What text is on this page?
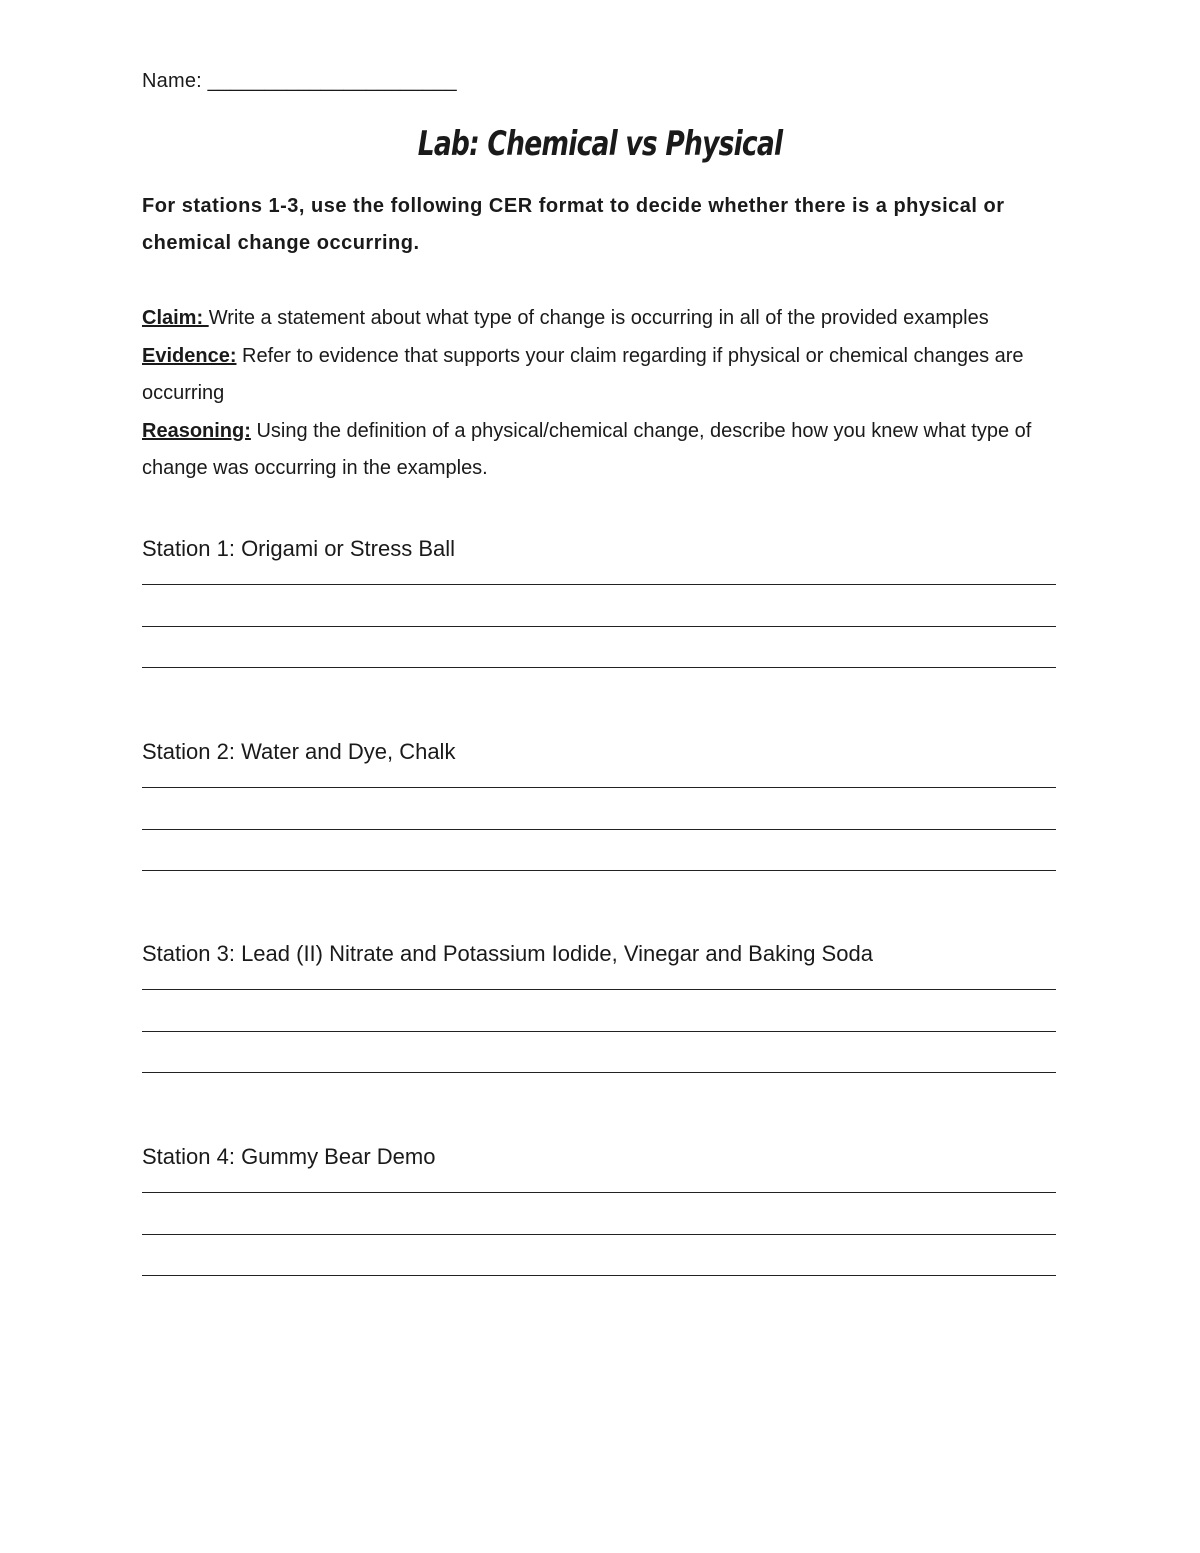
Name: ______________________
Lab: Chemical vs Physical
For stations 1-3, use the following CER format to decide whether there is a physical or chemical change occurring.

Claim: Write a statement about what type of change is occurring in all of the provided examples

Evidence: Refer to evidence that supports your claim regarding if physical or chemical changes are occurring

Reasoning: Using the definition of a physical/chemical change, describe how you knew what type of change was occurring in the examples.

Station 1: Origami or Stress Ball
Station 2: Water and Dye, Chalk
Station 3: Lead (II) Nitrate and Potassium Iodide, Vinegar and Baking Soda
Station 4: Gummy Bear Demo
